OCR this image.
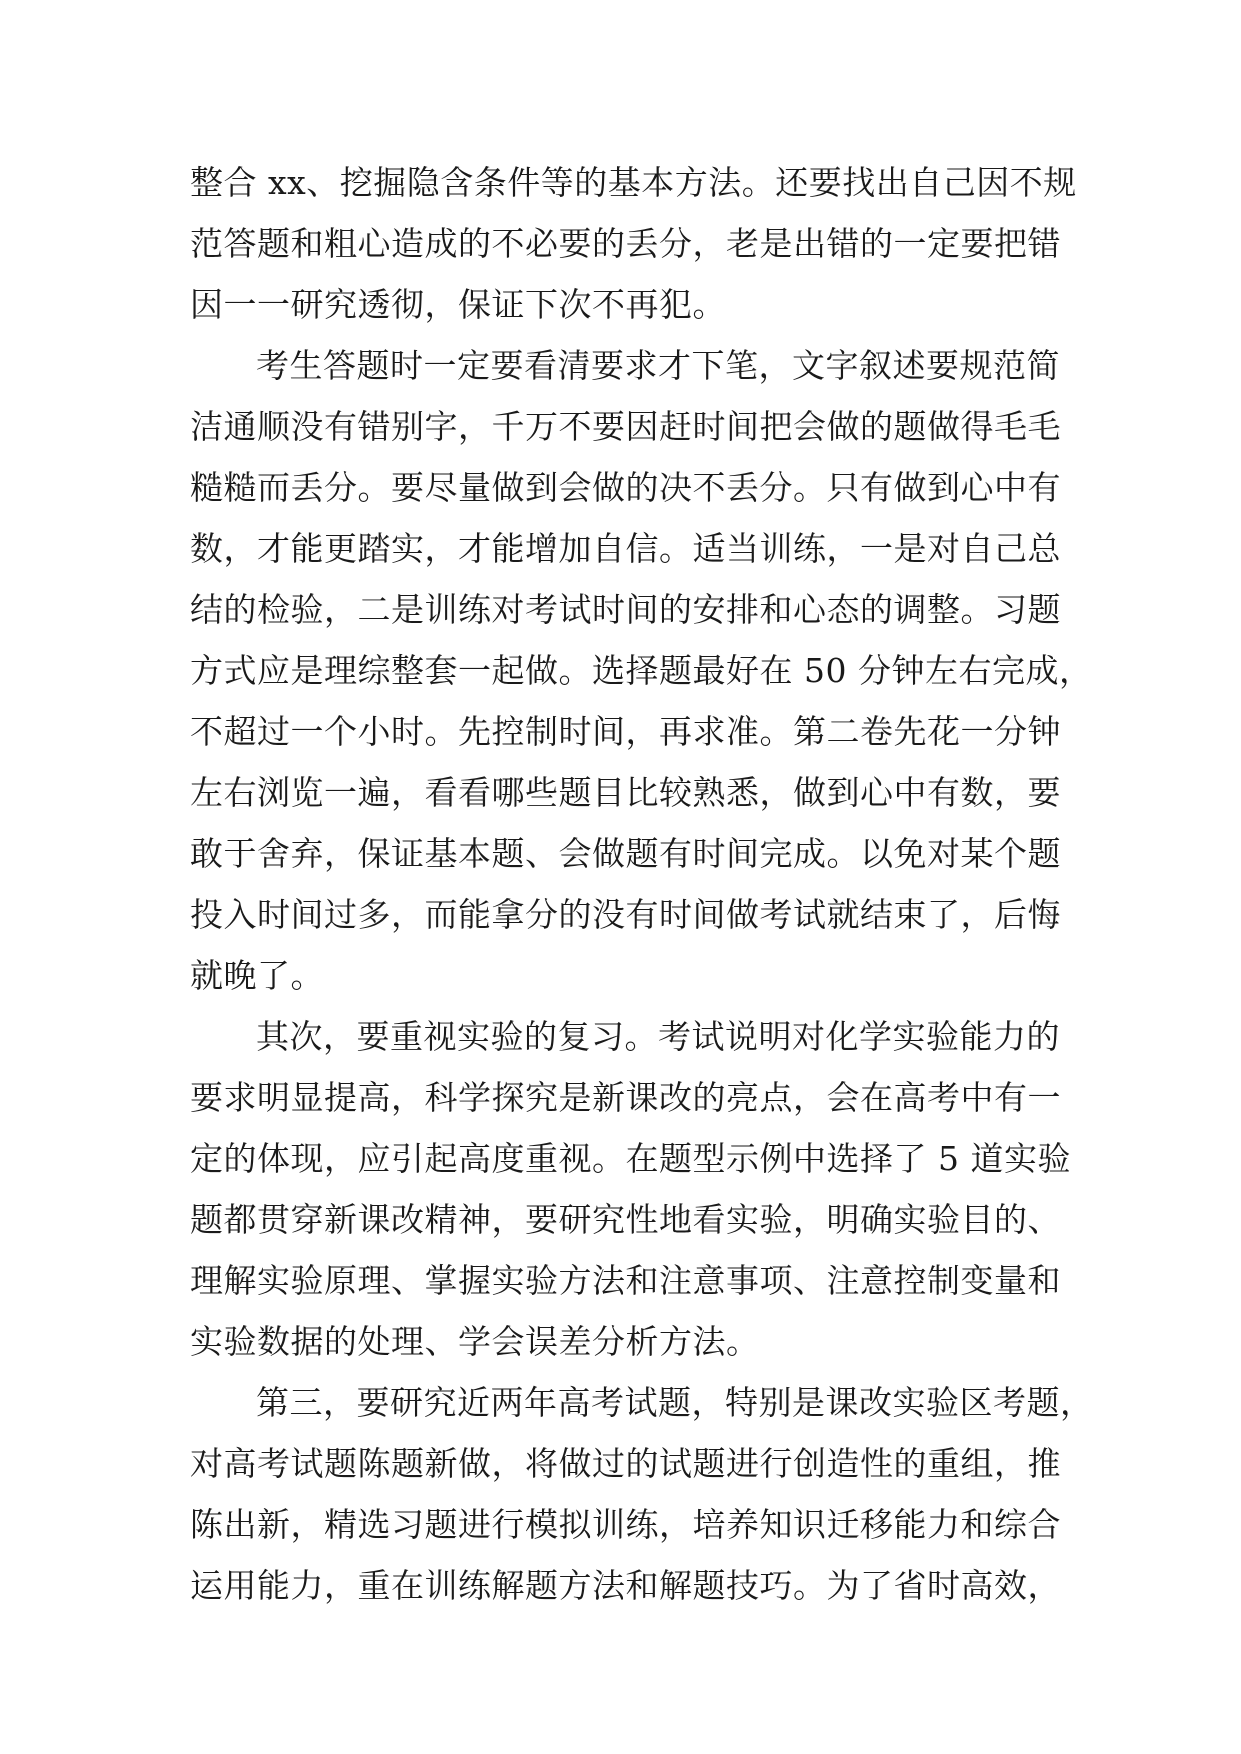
整合 xx、挖掘隐含条件等的基本方法。还要找出自己因不规
范答题和粗心造成的不必要的丢分，老是出错的一定要把错
因一一研究透彻，保证下次不再犯。
考生答题时一定要看清要求才下笔，文字叙述要规范简
洁通顺没有错别字，千万不要因赶时间把会做的题做得毛毛
糙糙而丢分。要尽量做到会做的决不丢分。只有做到心中有
数，才能更踏实，才能增加自信。适当训练，一是对自己总
结的检验，二是训练对考试时间的安排和心态的调整。习题
方式应是理综整套一起做。选择题最好在 50 分钟左右完成，
不超过一个小时。先控制时间，再求准。第二卷先花一分钟
左右浏览一遍，看看哪些题目比较熟悉，做到心中有数，要
敢于舍弃，保证基本题、会做题有时间完成。以免对某个题
投入时间过多，而能拿分的没有时间做考试就结束了，后悔
就晚了。
其次，要重视实验的复习。考试说明对化学实验能力的
要求明显提高，科学探究是新课改的亮点，会在高考中有一
定的体现，应引起高度重视。在题型示例中选择了 5 道实验
题都贯穿新课改精神，要研究性地看实验，明确实验目的、
理解实验原理、掌握实验方法和注意事项、注意控制变量和
实验数据的处理、学会误差分析方法。
第三，要研究近两年高考试题，特别是课改实验区考题，
对高考试题陈题新做，将做过的试题进行创造性的重组，推
陈出新，精选习题进行模拟训练，培养知识迁移能力和综合
运用能力，重在训练解题方法和解题技巧。为了省时高效，
